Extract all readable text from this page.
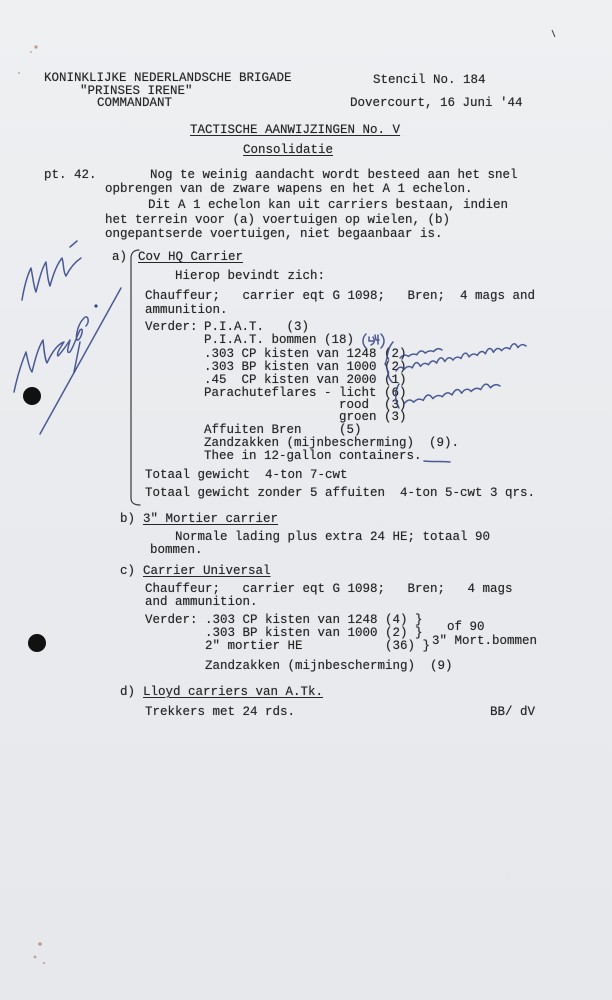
KONINKLIJKE NEDERLANDSCHE BRIGADE
"PRINSES IRENE"
COMMANDANT
Stencil No. 184
Dovercourt, 16 Juni '44
TACTISCHE AANWIJZINGEN No. V
Consolidatie
pt. 42.	Nog te weinig aandacht wordt besteed aan het snel
opbrengen van de zware wapens en het A 1 echelon.
Dit A 1 echelon kan uit carriers bestaan, indien
het terrein voor (a) voertuigen op wielen, (b)
ongepantserde voertuigen, niet begaanbaar is.
a) Cov HQ Carrier
Hierop bevindt zich:
Chauffeur;   carrier eqt G 1098;   Bren;  4 mags and
ammunition.
Verder: P.I.A.T.   (3)
P.I.A.T. bommen (18)
.303 CP kisten van 1248 (2)
.303 BP kisten van 1000 (2)
.45  CP kisten van 2000 (1)
Parachuteflares - licht (6)
rood  (3)
groen (3)
Affuiten Bren     (5)
Zandzakken (mijnbescherming)  (9).
Thee in 12-gallon containers.
Totaal gewicht  4-ton 7-cwt
Totaal gewicht zonder 5 affuiten  4-ton 5-cwt 3 qrs.
b) 3" Mortier carrier
Normale lading plus extra 24 HE; totaal 90
bommen.
c) Carrier Universal
Chauffeur;   carrier eqt G 1098;   Bren;   4 mags
and ammunition.
Verder: .303 CP kisten van 1248 (4) }
.303 BP kisten van 1000 (2) }
2" mortier HE           (36) }
of 90
3" Mort.bommen
Zandzakken (mijnbescherming)  (9)
d) Lloyd carriers van A.Tk.
Trekkers met 24 rds.	BB/ dV
